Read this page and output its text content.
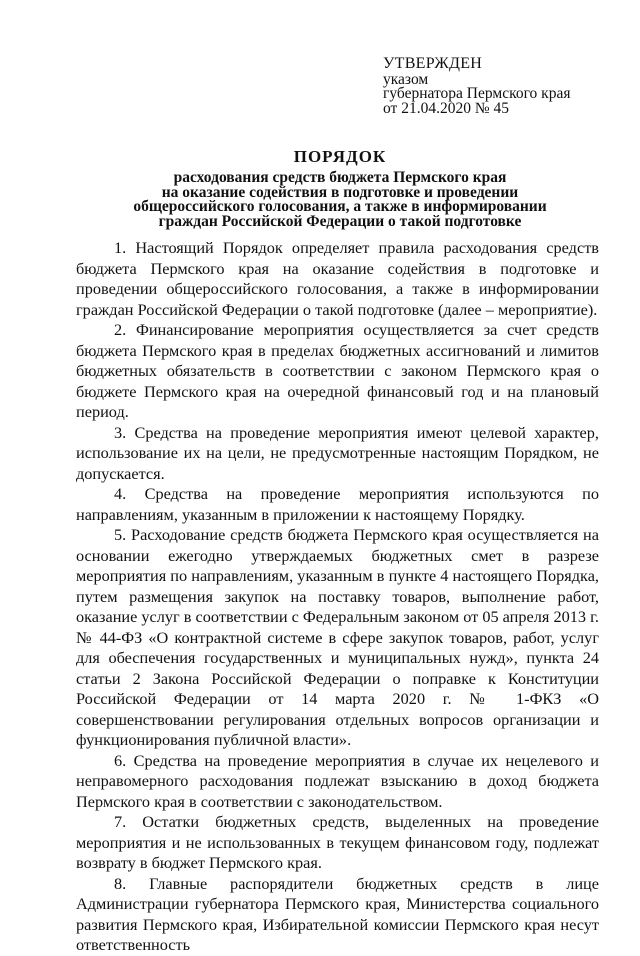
УТВЕРЖДЕН
указом
губернатора Пермского края
от 21.04.2020 № 45
ПОРЯДОК
расходования средств бюджета Пермского края
на оказание содействия в подготовке и проведении
общероссийского голосования, а также в информировании
граждан Российской Федерации о такой подготовке

1. Настоящий Порядок определяет правила расходования средств бюджета Пермского края на оказание содействия в подготовке и проведении общероссийского голосования, а также в информировании граждан Российской Федерации о такой подготовке (далее – мероприятие).

2. Финансирование мероприятия осуществляется за счет средств бюджета Пермского края в пределах бюджетных ассигнований и лимитов бюджетных обязательств в соответствии с законом Пермского края о бюджете Пермского края на очередной финансовый год и на плановый период.

3. Средства на проведение мероприятия имеют целевой характер, использование их на цели, не предусмотренные настоящим Порядком, не допускается.

4. Средства на проведение мероприятия используются по направлениям, указанным в приложении к настоящему Порядку.

5. Расходование средств бюджета Пермского края осуществляется на основании ежегодно утверждаемых бюджетных смет в разрезе мероприятия по направлениям, указанным в пункте 4 настоящего Порядка, путем размещения закупок на поставку товаров, выполнение работ, оказание услуг в соответствии с Федеральным законом от 05 апреля 2013 г. № 44-ФЗ «О контрактной системе в сфере закупок товаров, работ, услуг для обеспечения государственных и муниципальных нужд», пункта 24 статьи 2 Закона Российской Федерации о поправке к Конституции Российской Федерации от 14 марта 2020 г. № 1-ФКЗ «О совершенствовании регулирования отдельных вопросов организации и функционирования публичной власти».

6. Средства на проведение мероприятия в случае их нецелевого и неправомерного расходования подлежат взысканию в доход бюджета Пермского края в соответствии с законодательством.

7. Остатки бюджетных средств, выделенных на проведение мероприятия и не использованных в текущем финансовом году, подлежат возврату в бюджет Пермского края.

8. Главные распорядители бюджетных средств в лице Администрации губернатора Пермского края, Министерства социального развития Пермского края, Избирательной комиссии Пермского края несут ответственность
